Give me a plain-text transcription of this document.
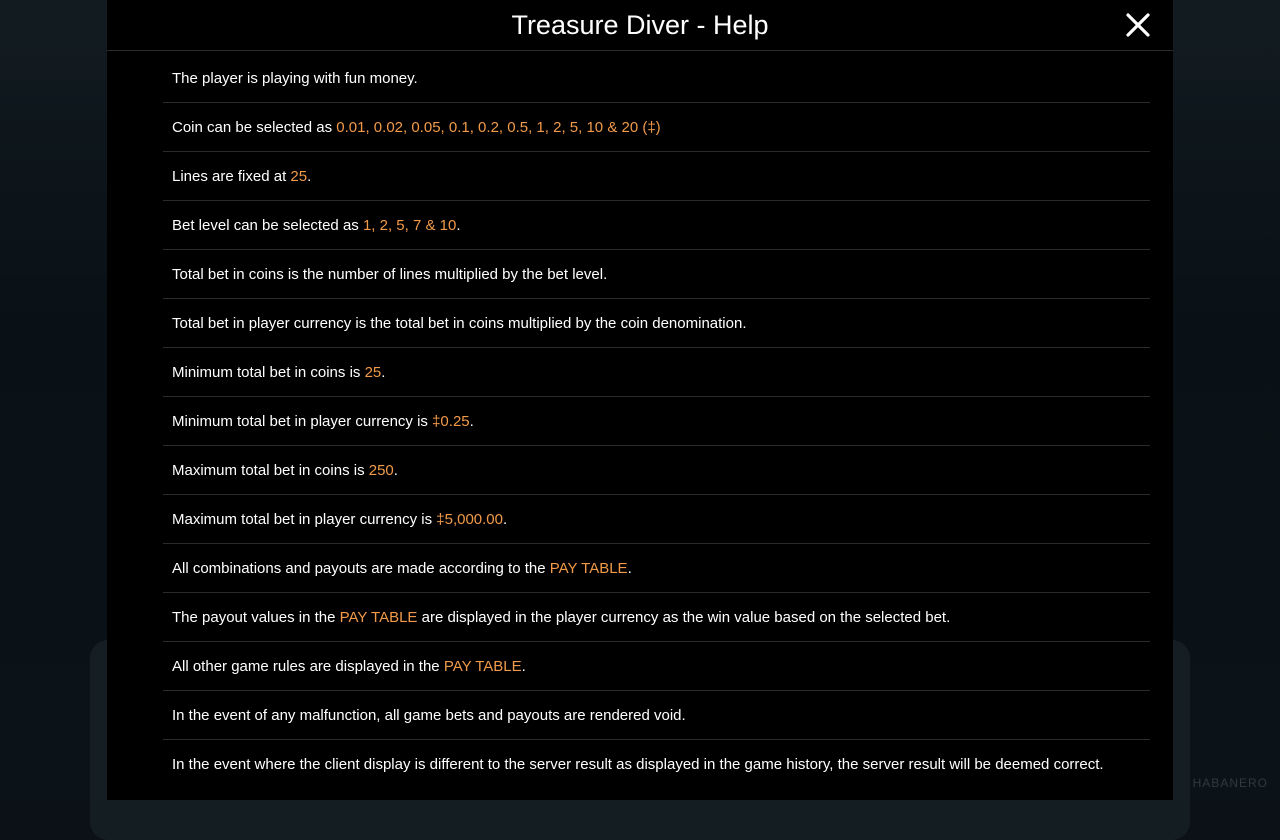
HABANERO
Treasure Diver - Help
The player is playing with fun money.
Coin can be selected as 0.01, 0.02, 0.05, 0.1, 0.2, 0.5, 1, 2, 5, 10 & 20 (‡)
Lines are fixed at 25.
Bet level can be selected as 1, 2, 5, 7 & 10.
Total bet in coins is the number of lines multiplied by the bet level.
Total bet in player currency is the total bet in coins multiplied by the coin denomination.
Minimum total bet in coins is 25.
Minimum total bet in player currency is ‡0.25.
Maximum total bet in coins is 250.
Maximum total bet in player currency is ‡5,000.00.
All combinations and payouts are made according to the PAY TABLE.
The payout values in the PAY TABLE are displayed in the player currency as the win value based on the selected bet.
All other game rules are displayed in the PAY TABLE.
In the event of any malfunction, all game bets and payouts are rendered void.
In the event where the client display is different to the server result as displayed in the game history, the server result will be deemed correct.
